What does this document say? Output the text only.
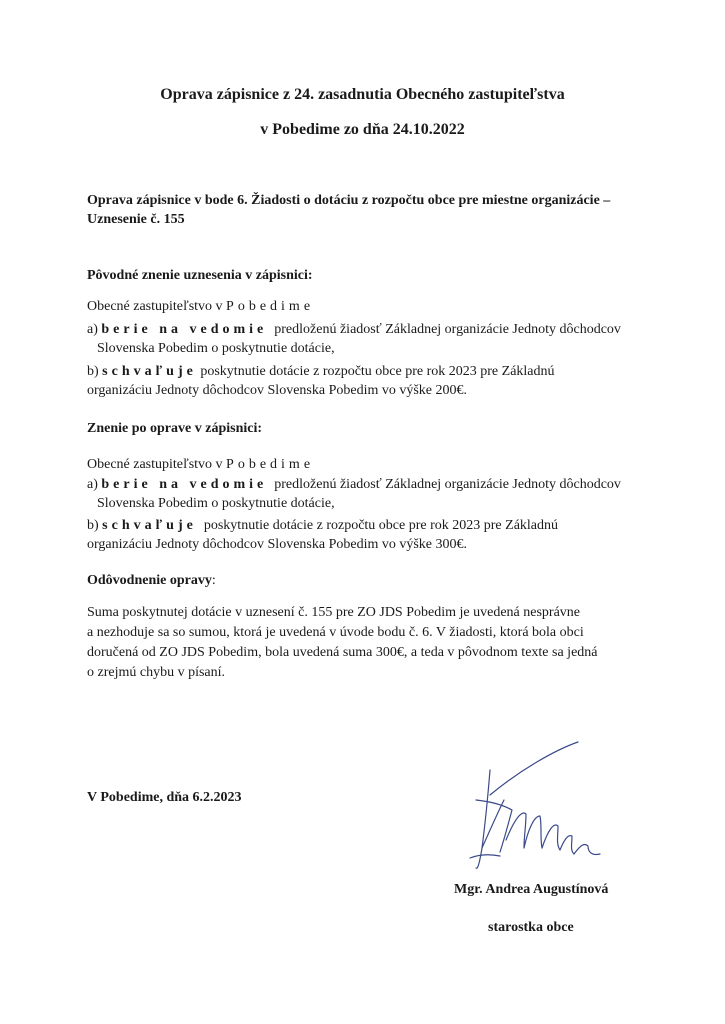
Oprava zápisnice z 24. zasadnutia Obecného zastupiteľstva
v Pobedime zo dňa 24.10.2022
Oprava zápisnice v bode 6. Žiadosti o dotáciu z rozpočtu obce pre miestne organizácie –
Uznesenie č. 155
Pôvodné znenie uznesenia v zápisnici:
Obecné zastupiteľstvo v Pobedime
a) berie na vedomie  predloženú žiadosť Základnej organizácie Jednoty dôchodcov
Slovenska Pobedim o poskytnutie dotácie,
b) schvaľuje poskytnutie dotácie z rozpočtu obce pre rok 2023 pre Základnú
organizáciu Jednoty dôchodcov Slovenska Pobedim vo výške 200€.
Znenie po oprave v zápisnici:
Obecné zastupiteľstvo v Pobedime
a) berie na vedomie  predloženú žiadosť Základnej organizácie Jednoty dôchodcov
Slovenska Pobedim o poskytnutie dotácie,
b) schvaľuje  poskytnutie dotácie z rozpočtu obce pre rok 2023 pre Základnú
organizáciu Jednoty dôchodcov Slovenska Pobedim vo výške 300€.
Odôvodnenie opravy:
Suma poskytnutej dotácie v uznesení č. 155 pre ZO JDS Pobedim je uvedená nesprávne
a nezhoduje sa so sumou, ktorá je uvedená v úvode bodu č. 6. V žiadosti, ktorá bola obci
doručená od ZO JDS Pobedim, bola uvedená suma 300€, a teda v pôvodnom texte sa jedná
o zrejmú chybu v písaní.
V Pobedime, dňa 6.2.2023
Mgr. Andrea Augustínová
starostka obce
